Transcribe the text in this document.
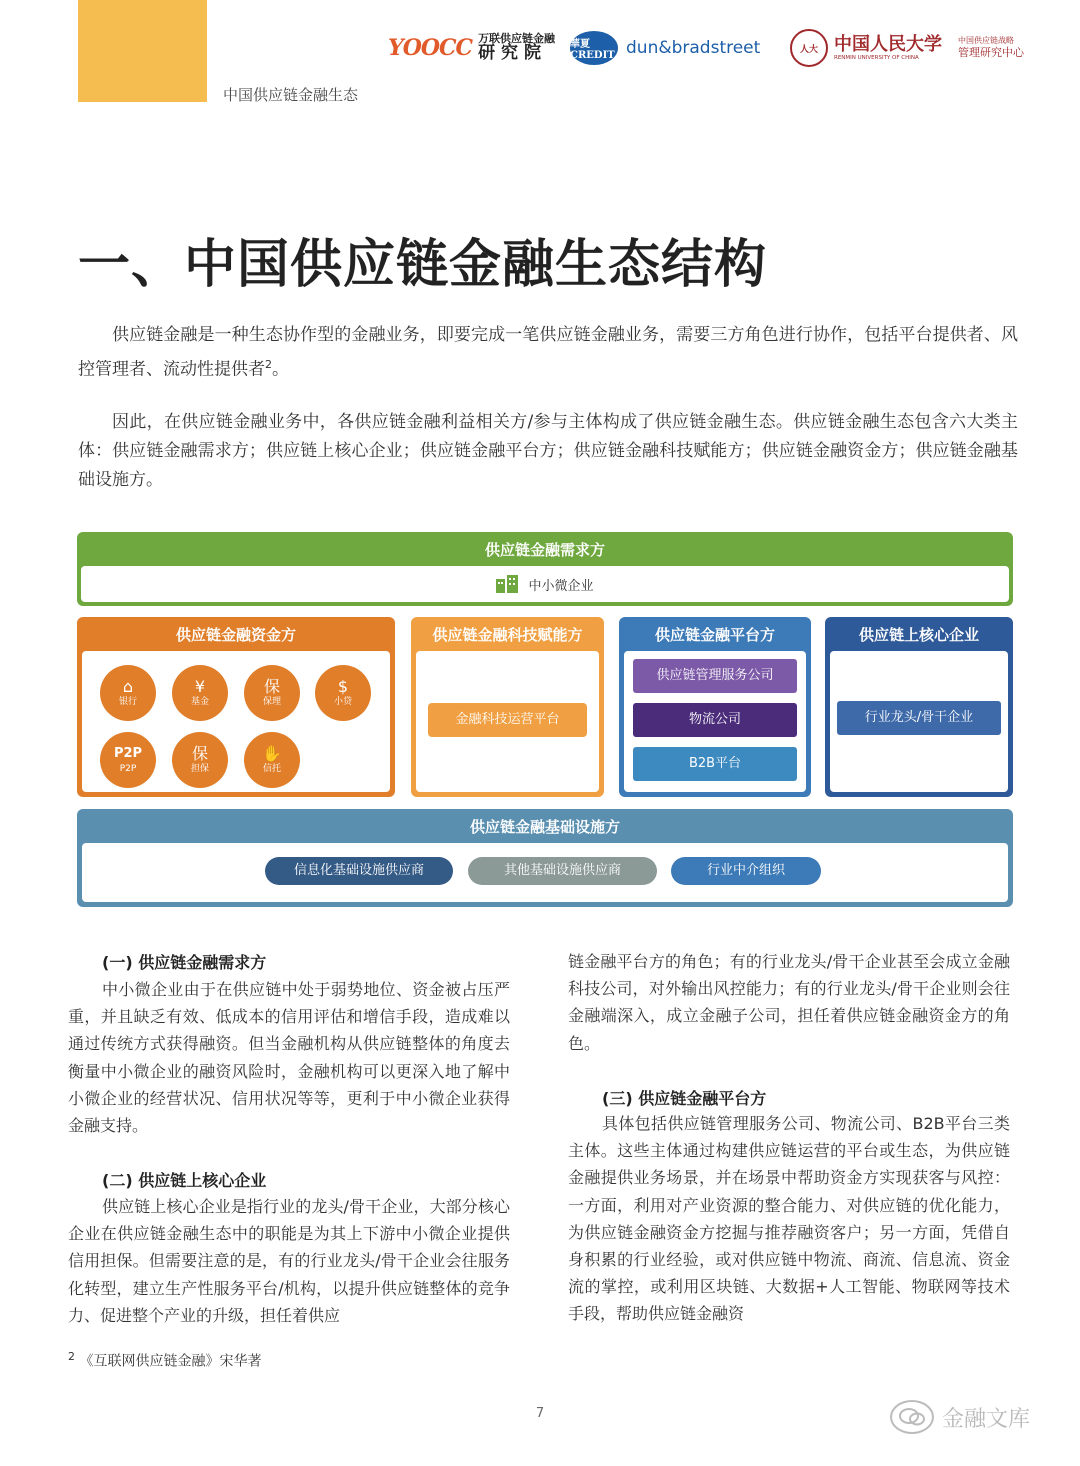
中国供应链金融生态
YOOCC 万联供应链金融
研究院	華夏 CREDIT dun&bradstreet	人大 中国人民大学
RENMIN UNIVERSITY OF CHINA
中国供应链战略
管理研究中心
一、中国供应链金融生态结构

供应链金融是一种生态协作型的金融业务，即要完成一笔供应链金融业务，需要三方角色进行协作，包括平台提供者、风控管理者、流动性提供者$^2$。

因此，在供应链金融业务中，各供应链金融利益相关方/参与主体构成了供应链金融生态。供应链金融生态包含六大类主体：供应链金融需求方；供应链上核心企业；供应链金融平台方；供应链金融科技赋能方；供应链金融资金方；供应链金融基础设施方。

供应链金融需求方
中小微企业
供应链金融资金方
⌂
银行
¥
基金
保
保理
$
小贷
P2P
P2P
保
担保
✋
信托
供应链金融科技赋能方
金融科技运营平台
供应链金融平台方
供应链管理服务公司
物流公司
B2B平台
供应链上核心企业
行业龙头/骨干企业
供应链金融基础设施方
信息化基础设施供应商	其他基础设施供应商	行业中介组织
(一) 供应链金融需求方

中小微企业由于在供应链中处于弱势地位、资金被占压严重，并且缺乏有效、低成本的信用评估和增信手段，造成难以通过传统方式获得融资。但当金融机构从供应链整体的角度去衡量中小微企业的融资风险时，金融机构可以更深入地了解中小微企业的经营状况、信用状况等等，更利于中小微企业获得金融支持。

(二) 供应链上核心企业

供应链上核心企业是指行业的龙头/骨干企业，大部分核心企业在供应链金融生态中的职能是为其上下游中小微企业提供信用担保。但需要注意的是，有的行业龙头/骨干企业会往服务化转型，建立生产性服务平台/机构，以提升供应链整体的竞争力、促进整个产业的升级，担任着供应

链金融平台方的角色；有的行业龙头/骨干企业甚至会成立金融科技公司，对外输出风控能力；有的行业龙头/骨干企业则会往金融端深入，成立金融子公司，担任着供应链金融资金方的角色。

(三) 供应链金融平台方

具体包括供应链管理服务公司、物流公司、B2B平台三类主体。这些主体通过构建供应链运营的平台或生态，为供应链金融提供业务场景，并在场景中帮助资金方实现获客与风控：一方面，利用对产业资源的整合能力、对供应链的优化能力，为供应链金融资金方挖掘与推荐融资客户；另一方面，凭借自身积累的行业经验，或对供应链中物流、商流、信息流、资金流的掌控，或利用区块链、大数据+人工智能、物联网等技术手段，帮助供应链金融资

$^2$ 《互联网供应链金融》宋华著
7	金融文库
